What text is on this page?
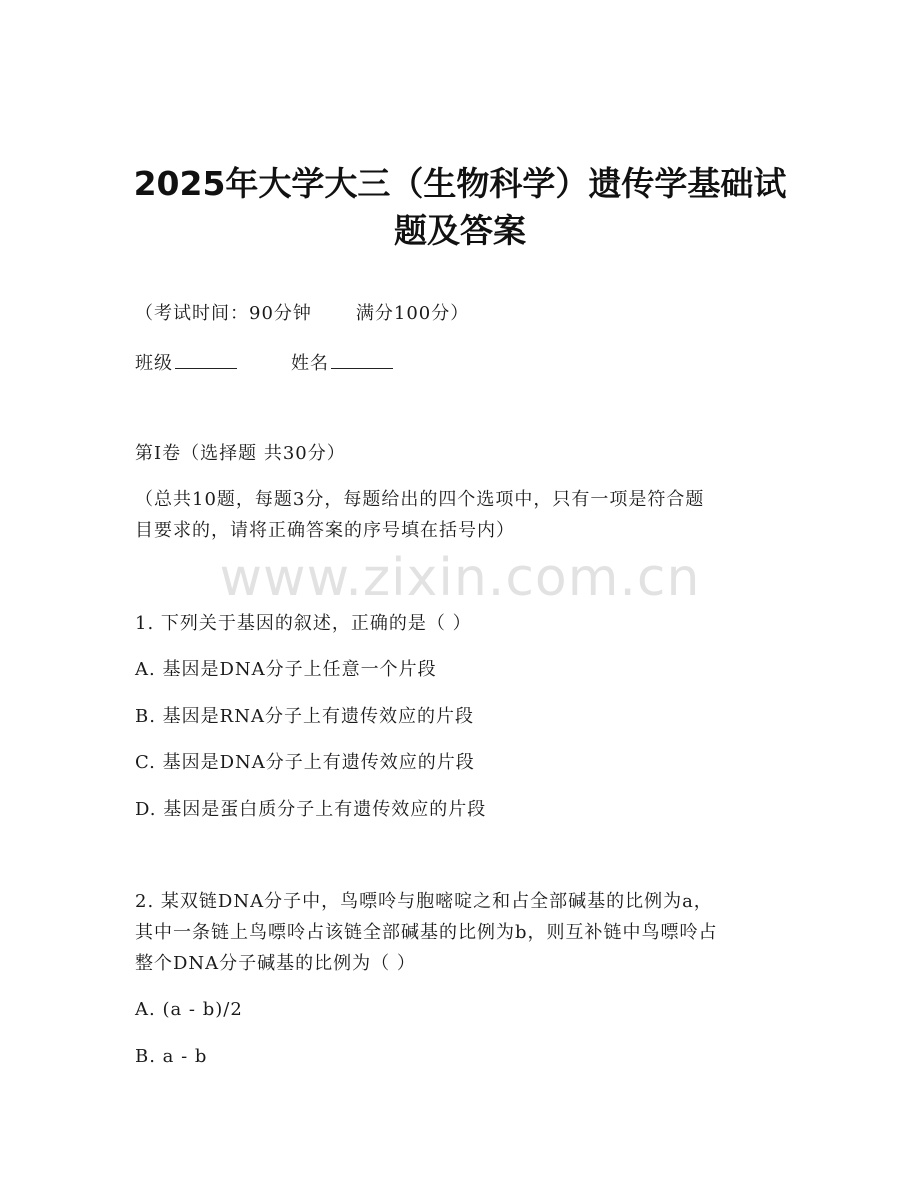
2025年大学大三（生物科学）遗传学基础试
题及答案
（考试时间：90分钟 满分100分）
班级	姓名
第I卷（选择题 共30分）
（总共10题，每题3分，每题给出的四个选项中，只有一项是符合题
目要求的，请将正确答案的序号填在括号内）
www.zixin.com.cn
1. 下列关于基因的叙述，正确的是（ ）
A. 基因是DNA分子上任意一个片段
B. 基因是RNA分子上有遗传效应的片段
C. 基因是DNA分子上有遗传效应的片段
D. 基因是蛋白质分子上有遗传效应的片段
2. 某双链DNA分子中，鸟嘌呤与胞嘧啶之和占全部碱基的比例为a，
其中一条链上鸟嘌呤占该链全部碱基的比例为b，则互补链中鸟嘌呤占
整个DNA分子碱基的比例为（ ）
A. (a - b)/2
B. a - b
